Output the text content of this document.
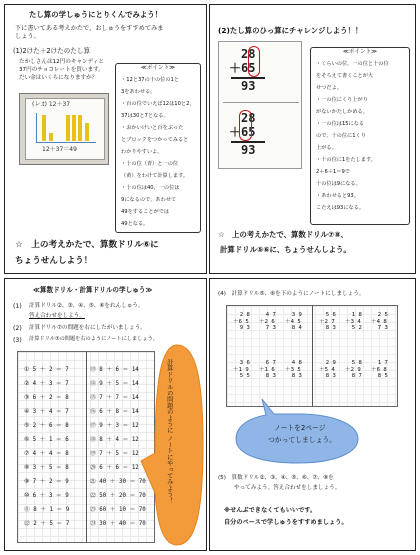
たし算の学しゅうにとりくんでみよう！
下に書いてある考えかたで、おしゅうをすすめてみま
しょう。
(1)2けた＋2けたのたし算
たかしさんは12円のキャンディと
37円のチョコレートを買います。
だい金はいくらになりますか？
(レ.t) 12＋37
12＋37＝49
≪ポイント≫
・12と37の十の位の1と
3をあわせる。
・百の位でいえば12は10と2、
37は30と7となる。
・おかいけいと百をぶった
とブロックをつかってみると
わかりやすいよ。
・十の位（青）と一の位
（黄）をわけて計算します。
・十の位は40、一の位は
9になるので、あわせて
49をすることがでは
49となる。
☆　上の考えかたで、算数ドリル⑥に
ちょうせんしよう！
(2)たし算のひっ算にチャレンジしよう！！
28
＋ 65
93
28
＋ 65
93
≪ポイント≫
・くらいの位、一の位と十の位
をそろえて書くことが大
せつだよ。
・一の位にくり上がり
がないかたしかめる。
・一の位は15になる
ので、十の位に1くり
上がる。
・十の位に1をたします。
2＋6＋1＝9で
十の位は9になる。
・あわせると93。
こたえは93になる。
☆　上の考えかたで、算数ドリル⑦⑧、
計算ドリル⑤⑥に、ちょうせんしよう。
≪算数ドリル・計算ドリルの学しゅう≫
(1) 計算ドリル②、③、④、⑤、⑥をれんしゅう。
答え合わせをしよう。
(2) 計算ドリル⑦の問題を右にしたがいましょう。
(3) 計算ドリル⑦の問題を右のようにノートにしましょう。
① 5 ＋ 2 ＝ 7
② 4 ＋ 3 ＝ 7
③ 6 ＋ 2 ＝ 8
④ 3 ＋ 4 ＝ 7
⑤ 2 ＋ 6 ＝ 8
⑥ 5 ＋ 1 ＝ 6
⑦ 4 ＋ 4 ＝ 8
⑧ 3 ＋ 5 ＝ 8
⑨ 7 ＋ 2 ＝ 9
⑩ 6 ＋ 3 ＝ 9
⑪ 8 ＋ 1 ＝ 9
⑫ 2 ＋ 5 ＝ 7
⑬ 8 ＋ 6 ＝ 14
⑭ 9 ＋ 5 ＝ 14
⑮ 7 ＋ 7 ＝ 14
⑯ 6 ＋ 8 ＝ 14
⑰ 9 ＋ 3 ＝ 12
⑱ 8 ＋ 4 ＝ 12
⑲ 7 ＋ 5 ＝ 12
⑳ 6 ＋ 6 ＝ 12
㉑ 40 ＋ 30 ＝ 70
㉒ 50 ＋ 20 ＝ 70
㉓ 60 ＋ 10 ＝ 70
㉔ 30 ＋ 40 ＝ 70
計算ドリルの問題のように ノートにやってみよう！
(4)　計算ドリル⑤、⑥を下のようにノートにしましょう。
2 8
＋6 5
9 3
4 7
＋2 6
7 3
3 9
＋4 5
8 4
5 6
＋2 7
8 3
1 8
＋3 4
5 2
2 5
＋4 8
7 3
3 6
＋1 9
5 5
6 7
＋1 6
8 3
4 8
＋3 5
8 3
2 9
＋5 4
8 3
5 8
＋2 9
8 7
1 7
＋6 8
8 5
ノートを2ページ
つかってしましょう。
(5)　算数ドリル②、③、④、⑤、⑥、⑦、⑧を
やってみよう。答え合わせをしましょう。
※せんぶできなくてもいいです。
自分のペースで学しゅうをすすめましょう。
